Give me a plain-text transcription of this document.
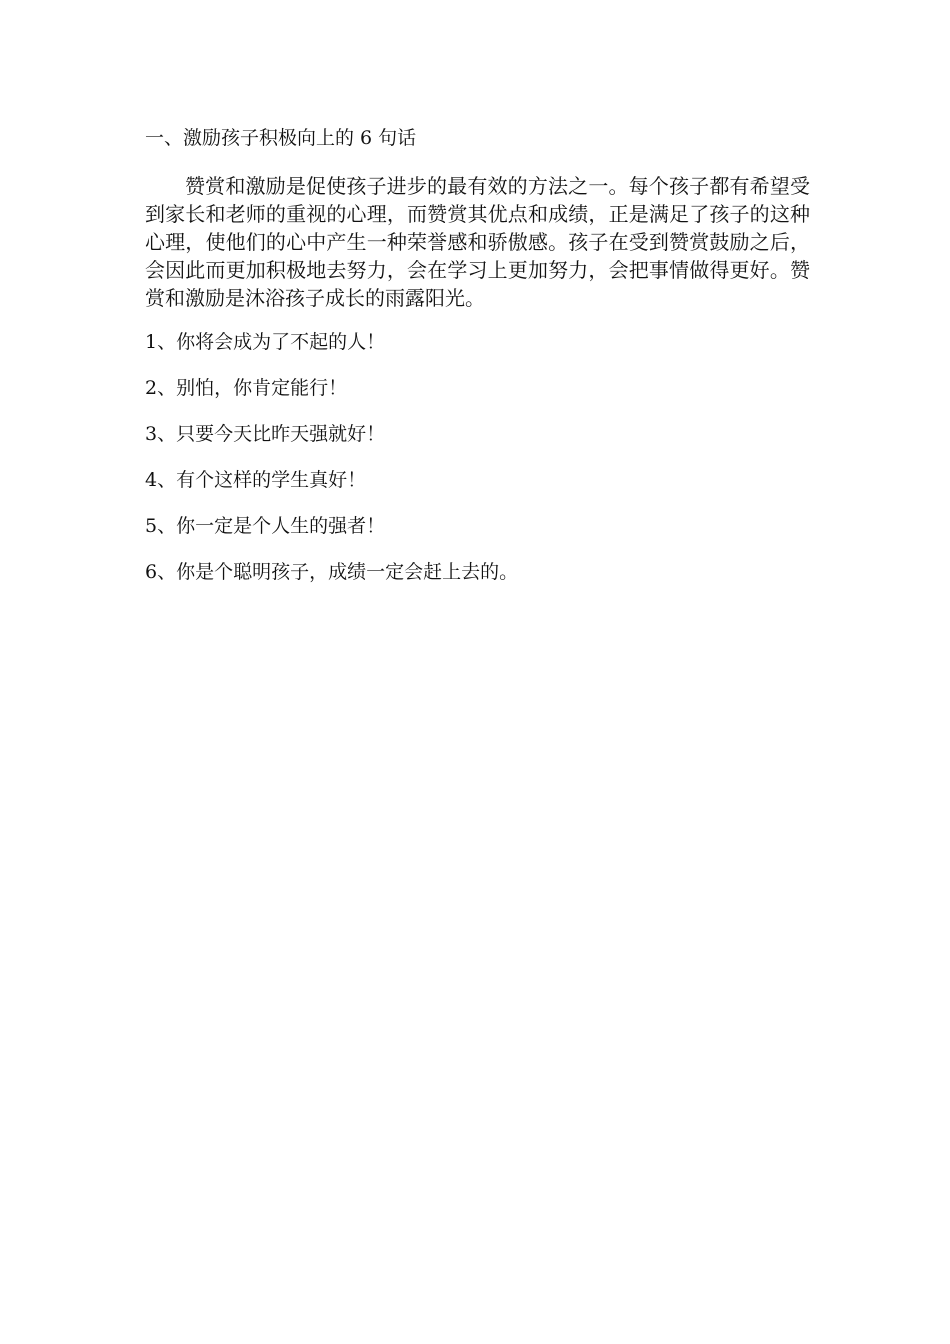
一、激励孩子积极向上的 6 句话

赞赏和激励是促使孩子进步的最有效的方法之一。每个孩子都有希望受到家长和老师的重视的心理，而赞赏其优点和成绩，正是满足了孩子的这种心理，使他们的心中产生一种荣誉感和骄傲感。孩子在受到赞赏鼓励之后，会因此而更加积极地去努力，会在学习上更加努力，会把事情做得更好。赞赏和激励是沐浴孩子成长的雨露阳光。

1、你将会成为了不起的人！
2、别怕，你肯定能行！
3、只要今天比昨天强就好！
4、有个这样的学生真好！
5、你一定是个人生的强者！
6、你是个聪明孩子，成绩一定会赶上去的。
